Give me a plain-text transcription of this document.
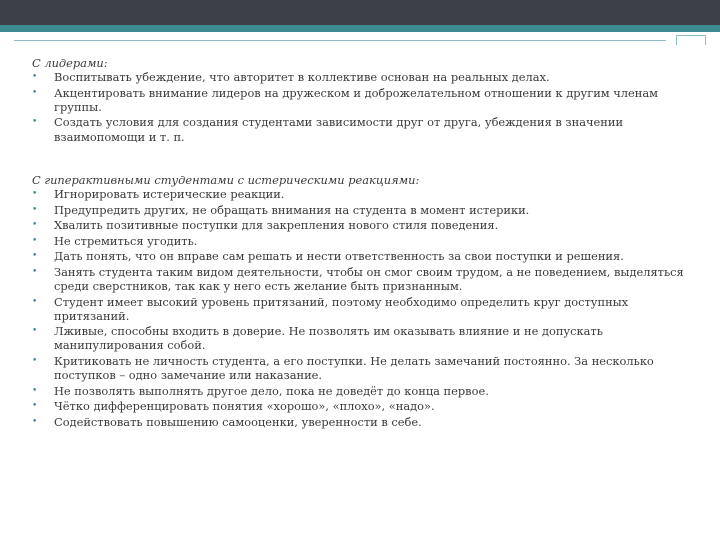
С лидерами:

• Воспитывать убеждение, что авторитет в коллективе основан на реальных делах.
• Акцентировать внимание лидеров на дружеском и доброжелательном отношении к другим членам группы.
• Создать условия для создания студентами зависимости друг от друга, убеждения в значении взаимопомощи и т. п.

С гиперактивными студентами с истерическими реакциями:

• Игнорировать истерические реакции.
• Предупредить других, не обращать внимания на студента в момент истерики.
• Хвалить позитивные поступки для закрепления нового стиля поведения.
• Не стремиться угодить.
• Дать понять, что он вправе сам решать и нести ответственность за свои поступки и решения.
• Занять студента таким видом деятельности, чтобы он смог своим трудом, а не поведением, выделяться среди сверстников, так как у него есть желание быть признанным.
• Студент имеет высокий уровень притязаний, поэтому необходимо определить круг доступных притязаний.
• Лживые, способны входить в доверие. Не позволять им оказывать влияние и не допускать манипулирования собой.
• Критиковать не личность студента, а его поступки. Не делать замечаний постоянно. За несколько поступков – одно замечание или наказание.
• Не позволять выполнять другое дело, пока не доведёт до конца первое.
• Чётко дифференцировать понятия «хорошо», «плохо», «надо».
• Содействовать повышению самооценки, уверенности в себе.
